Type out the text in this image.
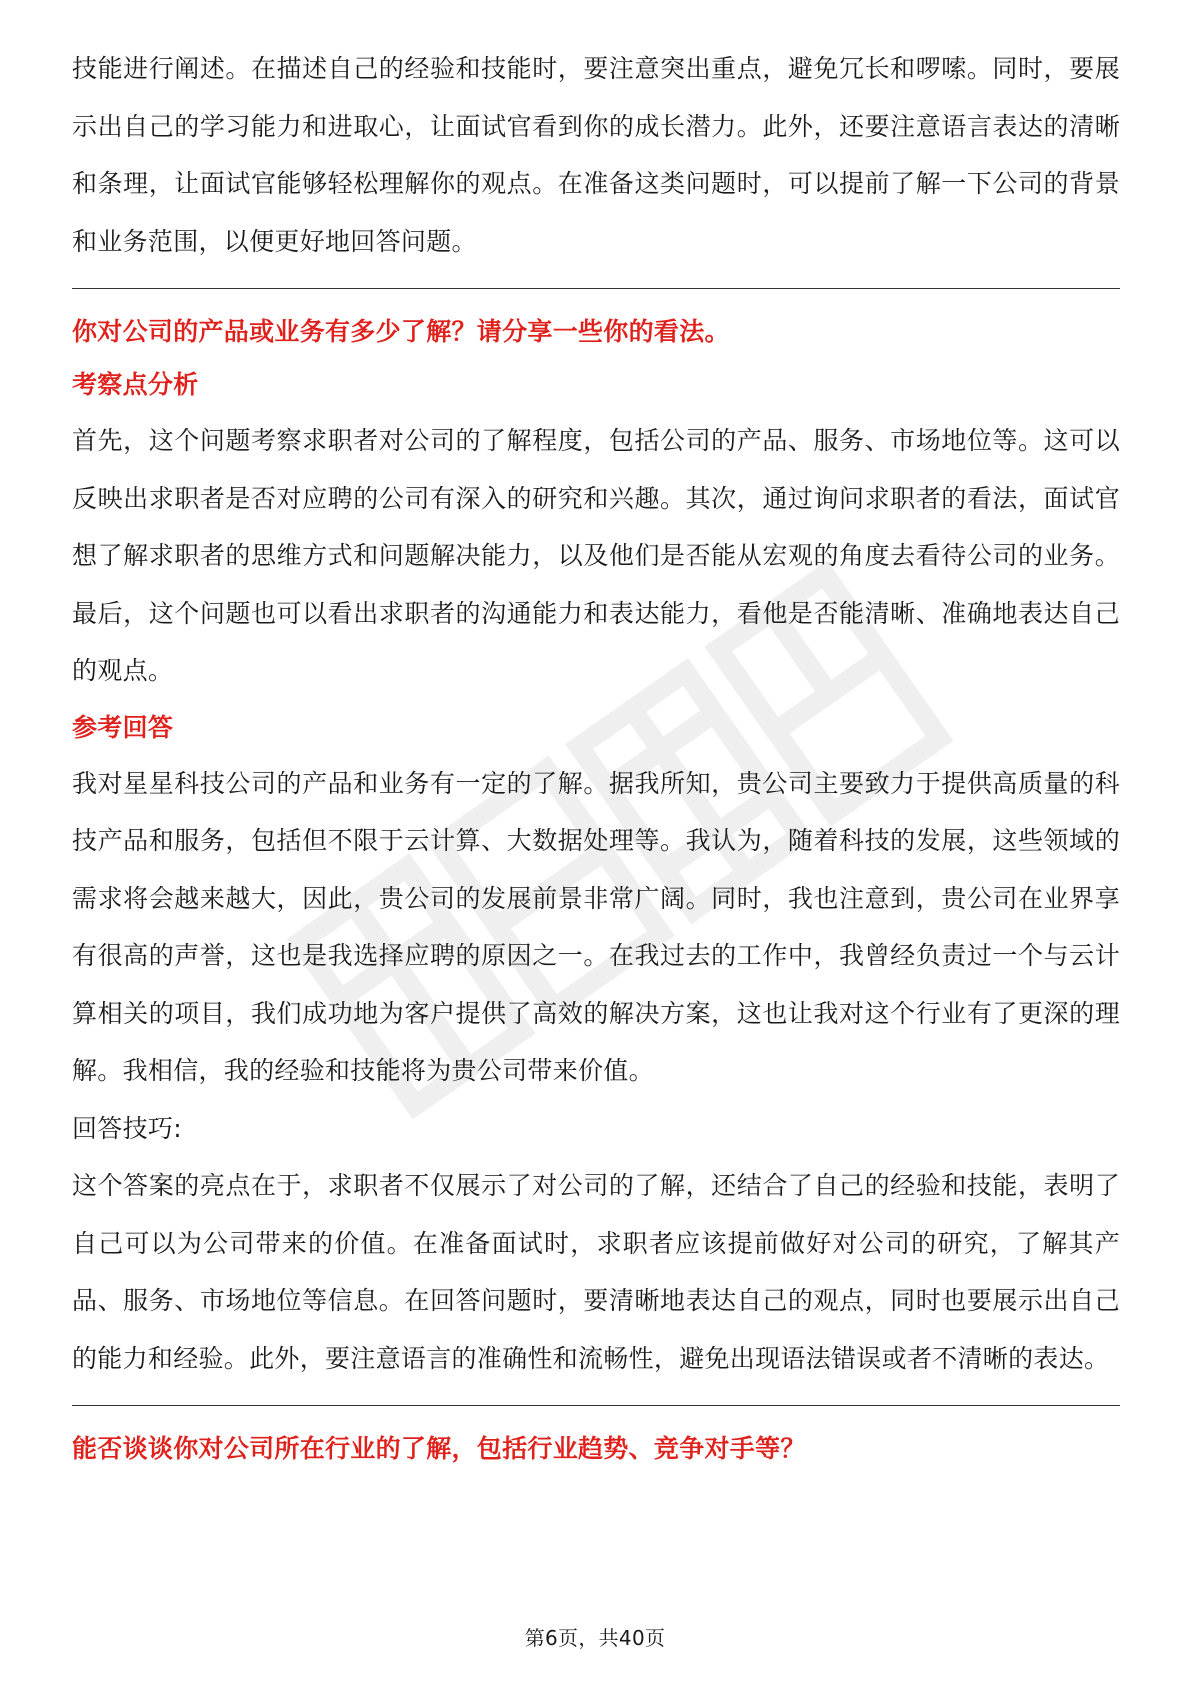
技能进行阐述。在描述自己的经验和技能时，要注意突出重点，避免冗长和啰嗦。同时，要展示出自己的学习能力和进取心，让面试官看到你的成长潜力。此外，还要注意语言表达的清晰和条理，让面试官能够轻松理解你的观点。在准备这类问题时，可以提前了解一下公司的背景和业务范围，以便更好地回答问题。

你对公司的产品或业务有多少了解？请分享一些你的看法。
考察点分析

首先，这个问题考察求职者对公司的了解程度，包括公司的产品、服务、市场地位等。这可以反映出求职者是否对应聘的公司有深入的研究和兴趣。其次，通过询问求职者的看法，面试官想了解求职者的思维方式和问题解决能力，以及他们是否能从宏观的角度去看待公司的业务。最后，这个问题也可以看出求职者的沟通能力和表达能力，看他是否能清晰、准确地表达自己的观点。

参考回答

我对星星科技公司的产品和业务有一定的了解。据我所知，贵公司主要致力于提供高质量的科技产品和服务，包括但不限于云计算、大数据处理等。我认为，随着科技的发展，这些领域的需求将会越来越大，因此，贵公司的发展前景非常广阔。同时，我也注意到，贵公司在业界享有很高的声誉，这也是我选择应聘的原因之一。在我过去的工作中，我曾经负责过一个与云计算相关的项目，我们成功地为客户提供了高效的解决方案，这也让我对这个行业有了更深的理解。我相信，我的经验和技能将为贵公司带来价值。

回答技巧:

这个答案的亮点在于，求职者不仅展示了对公司的了解，还结合了自己的经验和技能，表明了自己可以为公司带来的价值。在准备面试时，求职者应该提前做好对公司的研究，了解其产品、服务、市场地位等信息。在回答问题时，要清晰地表达自己的观点，同时也要展示出自己的能力和经验。此外，要注意语言的准确性和流畅性，避免出现语法错误或者不清晰的表达。

能否谈谈你对公司所在行业的了解，包括行业趋势、竞争对手等？
第6页，共40页
